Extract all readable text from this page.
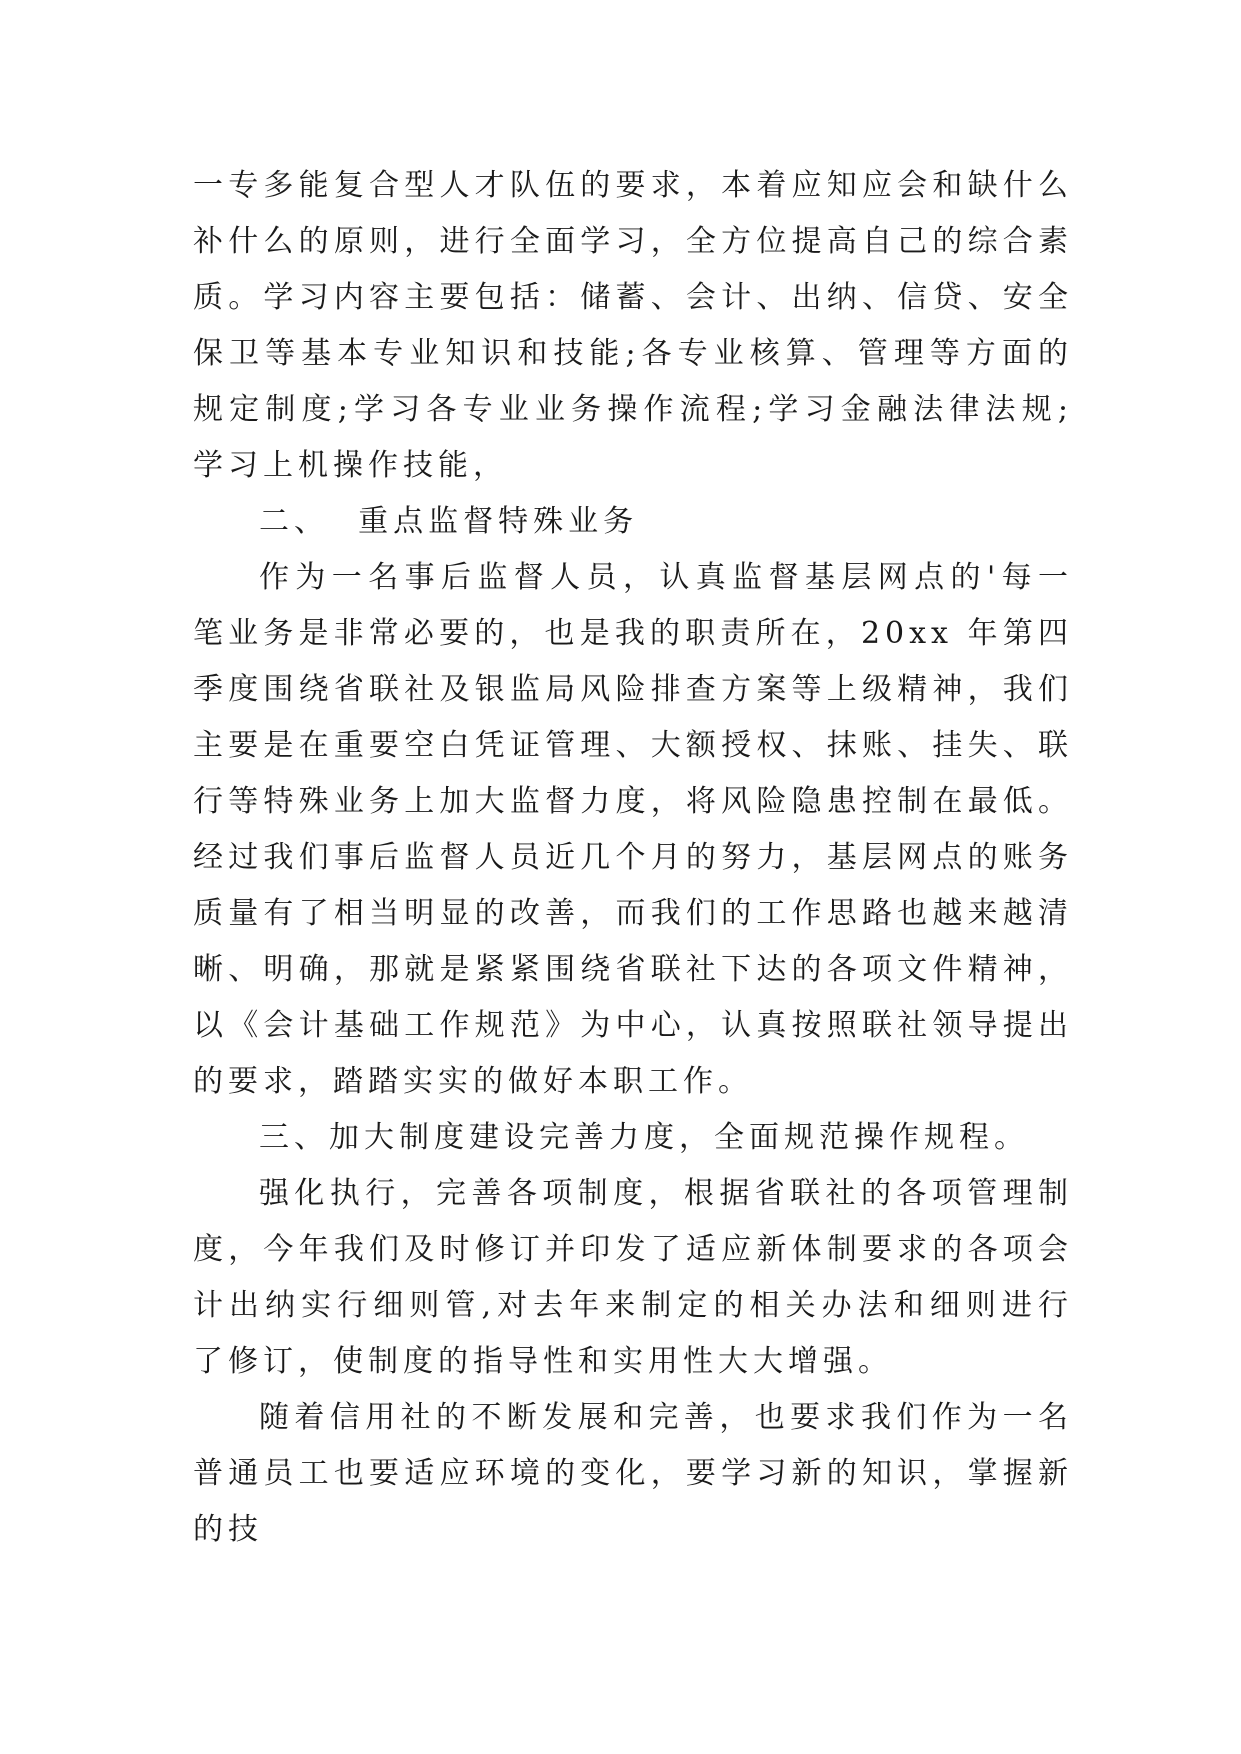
一专多能复合型人才队伍的要求，本着应知应会和缺什么补什么的原则，进行全面学习，全方位提高自己的综合素质。学习内容主要包括：储蓄、会计、出纳、信贷、安全保卫等基本专业知识和技能;各专业核算、管理等方面的规定制度;学习各专业业务操作流程;学习金融法律法规;学习上机操作技能，

二、  重点监督特殊业务

作为一名事后监督人员，认真监督基层网点的'每一笔业务是非常必要的，也是我的职责所在，20xx 年第四季度围绕省联社及银监局风险排查方案等上级精神，我们主要是在重要空白凭证管理、大额授权、抹账、挂失、联行等特殊业务上加大监督力度，将风险隐患控制在最低。经过我们事后监督人员近几个月的努力，基层网点的账务质量有了相当明显的改善，而我们的工作思路也越来越清晰、明确，那就是紧紧围绕省联社下达的各项文件精神，以《会计基础工作规范》为中心，认真按照联社领导提出的要求，踏踏实实的做好本职工作。

三、加大制度建设完善力度，全面规范操作规程。

强化执行，完善各项制度，根据省联社的各项管理制度，今年我们及时修订并印发了适应新体制要求的各项会计出纳实行细则管,对去年来制定的相关办法和细则进行了修订，使制度的指导性和实用性大大增强。

随着信用社的不断发展和完善，也要求我们作为一名普通员工也要适应环境的变化，要学习新的知识，掌握新的技
